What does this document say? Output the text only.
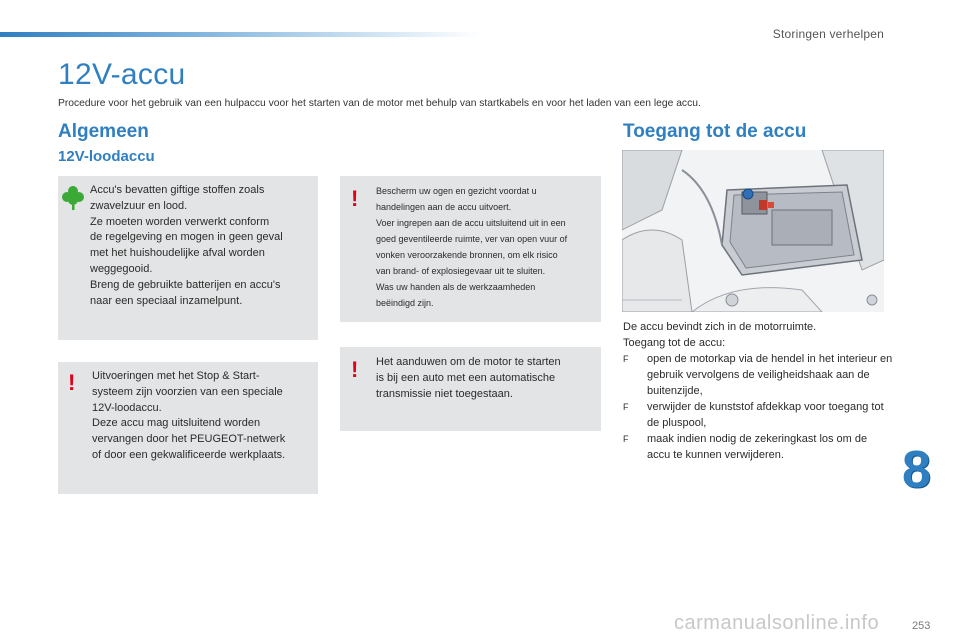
Storingen verhelpen
12V-accu
Procedure voor het gebruik van een hulpaccu voor het starten van de motor met behulp van startkabels en voor het laden van een lege accu.
Algemeen
12V-loodaccu
Accu's bevatten giftige stoffen zoals
zwavelzuur en lood.
Ze moeten worden verwerkt conform
de regelgeving en mogen in geen geval
met het huishoudelijke afval worden
weggegooid.
Breng de gebruikte batterijen en accu's
naar een speciaal inzamelpunt.
! Bescherm uw ogen en gezicht voordat u
handelingen aan de accu uitvoert.
Voer ingrepen aan de accu uitsluitend uit in een
goed geventileerde ruimte, ver van open vuur of
vonken veroorzakende bronnen, om elk risico
van brand- of explosiegevaar uit te sluiten.
Was uw handen als de werkzaamheden
beëindigd zijn.
! Uitvoeringen met het Stop & Start-
systeem zijn voorzien van een speciale
12V-loodaccu.
Deze accu mag uitsluitend worden
vervangen door het PEUGEOT-netwerk
of door een gekwalificeerde werkplaats.
! Het aanduwen om de motor te starten
is bij een auto met een automatische
transmissie niet toegestaan.
Toegang tot de accu
De accu bevindt zich in de motorruimte.
Toegang tot de accu:
F open de motorkap via de hendel in het interieur en gebruik vervolgens de veiligheidshaak aan de buitenzijde,
F verwijder de kunststof afdekkap voor toegang tot de pluspool,
F maak indien nodig de zekeringkast los om de accu te kunnen verwijderen.	8
carmanualsonline.info	253
